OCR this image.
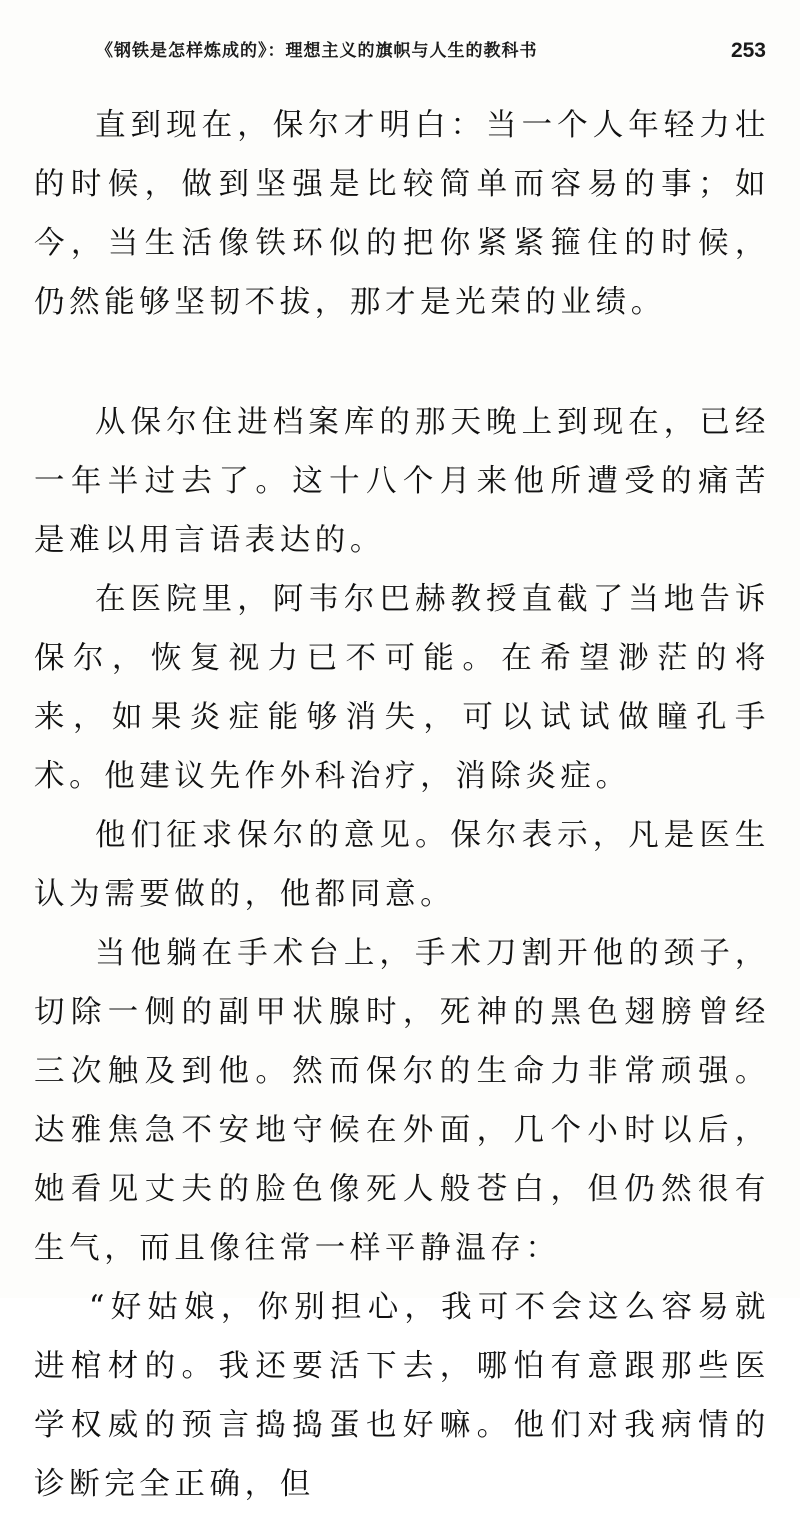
《钢铁是怎样炼成的》：理想主义的旗帜与人生的教科书	253

直到现在，保尔才明白：当一个人年轻力壮的时候，做到坚强是比较简单而容易的事；如今，当生活像铁环似的把你紧紧箍住的时候，仍然能够坚韧不拔，那才是光荣的业绩。

从保尔住进档案库的那天晚上到现在，已经一年半过去了。这十八个月来他所遭受的痛苦是难以用言语表达的。

在医院里，阿韦尔巴赫教授直截了当地告诉保尔，恢复视力已不可能。在希望渺茫的将来，如果炎症能够消失，可以试试做瞳孔手术。他建议先作外科治疗，消除炎症。

他们征求保尔的意见。保尔表示，凡是医生认为需要做的，他都同意。

当他躺在手术台上，手术刀割开他的颈子，切除一侧的副甲状腺时，死神的黑色翅膀曾经三次触及到他。然而保尔的生命力非常顽强。达雅焦急不安地守候在外面，几个小时以后，她看见丈夫的脸色像死人般苍白，但仍然很有生气，而且像往常一样平静温存：

“好姑娘，你别担心，我可不会这么容易就进棺材的。我还要活下去，哪怕有意跟那些医学权威的预言捣捣蛋也好嘛。他们对我病情的诊断完全正确，但
